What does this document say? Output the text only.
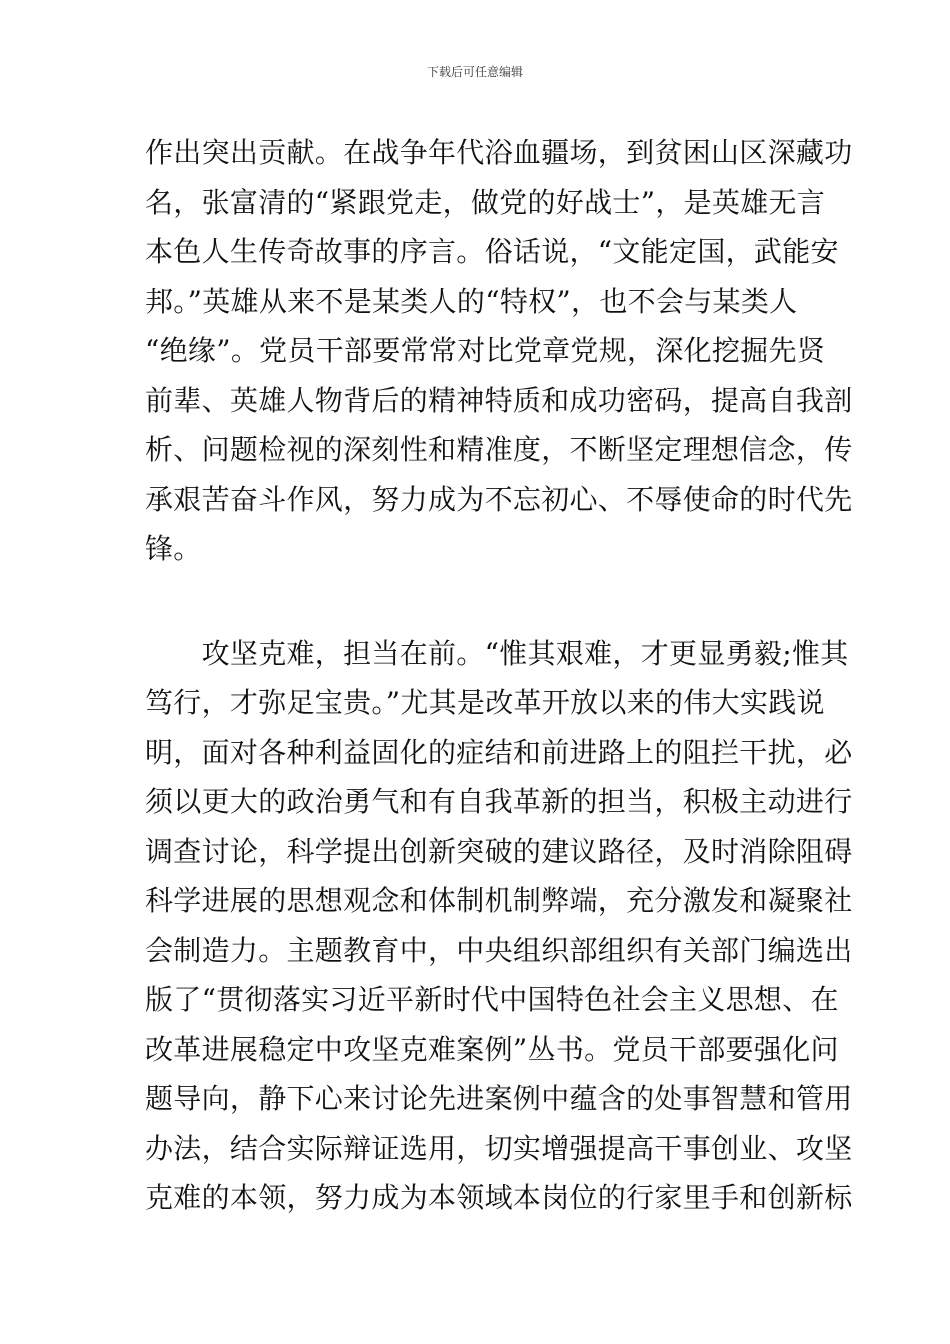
下载后可任意编辑
作出突出贡献。在战争年代浴血疆场，到贫困山区深藏功
名，张富清的“紧跟党走，做党的好战士”，是英雄无言
本色人生传奇故事的序言。俗话说，“文能定国，武能安
邦。”英雄从来不是某类人的“特权”，也不会与某类人
“绝缘”。党员干部要常常对比党章党规，深化挖掘先贤
前辈、英雄人物背后的精神特质和成功密码，提高自我剖
析、问题检视的深刻性和精准度，不断坚定理想信念，传
承艰苦奋斗作风，努力成为不忘初心、不辱使命的时代先
锋。
　　攻坚克难，担当在前。“惟其艰难，才更显勇毅;惟其
笃行，才弥足宝贵。”尤其是改革开放以来的伟大实践说
明，面对各种利益固化的症结和前进路上的阻拦干扰，必
须以更大的政治勇气和有自我革新的担当，积极主动进行
调查讨论，科学提出创新突破的建议路径，及时消除阻碍
科学进展的思想观念和体制机制弊端，充分激发和凝聚社
会制造力。主题教育中，中央组织部组织有关部门编选出
版了“贯彻落实习近平新时代中国特色社会主义思想、在
改革进展稳定中攻坚克难案例”丛书。党员干部要强化问
题导向，静下心来讨论先进案例中蕴含的处事智慧和管用
办法，结合实际辩证选用，切实增强提高干事创业、攻坚
克难的本领，努力成为本领域本岗位的行家里手和创新标
